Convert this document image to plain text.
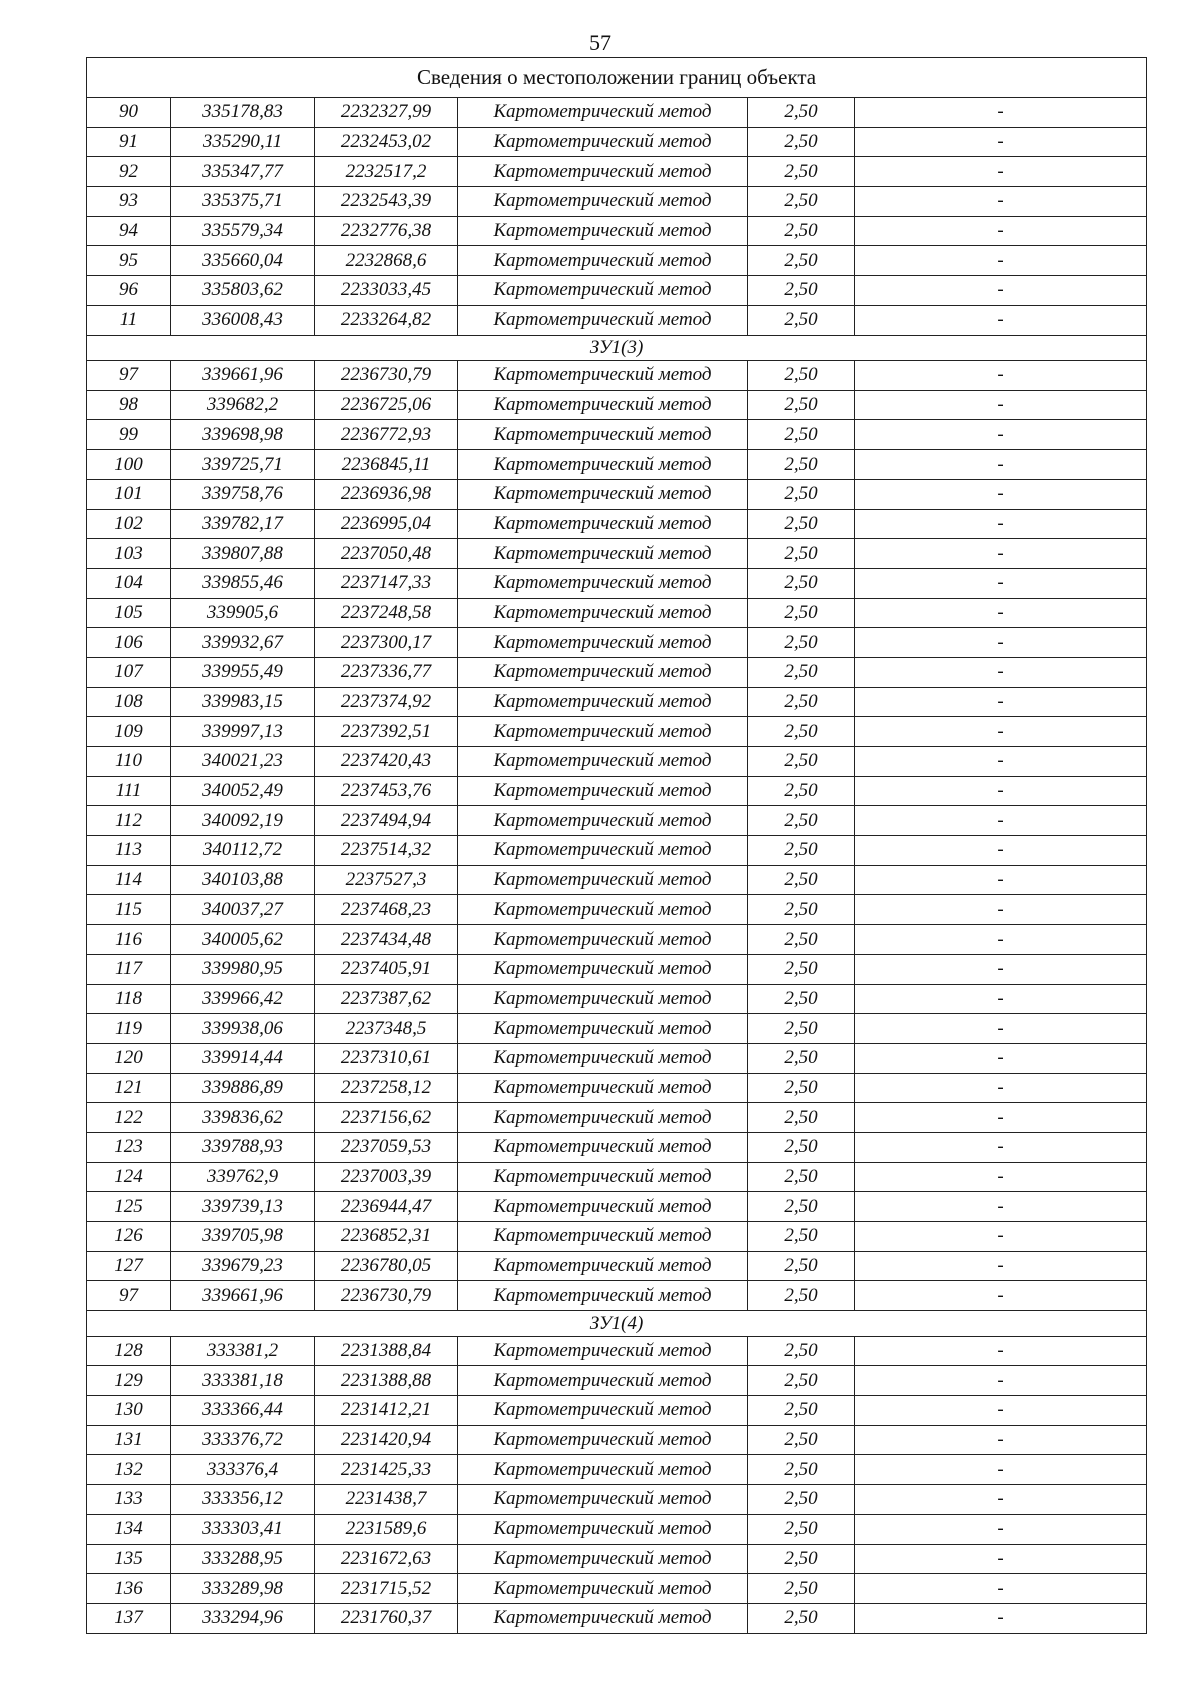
57
Сведения о местоположении границ объекта					
90	335178,83	2232327,99	Картометрический метод	2,50	-
91	335290,11	2232453,02	Картометрический метод	2,50	-
92	335347,77	2232517,2	Картометрический метод	2,50	-
93	335375,71	2232543,39	Картометрический метод	2,50	-
94	335579,34	2232776,38	Картометрический метод	2,50	-
95	335660,04	2232868,6	Картометрический метод	2,50	-
96	335803,62	2233033,45	Картометрический метод	2,50	-
11	336008,43	2233264,82	Картометрический метод	2,50	-
ЗУ1(3)					
97	339661,96	2236730,79	Картометрический метод	2,50	-
98	339682,2	2236725,06	Картометрический метод	2,50	-
99	339698,98	2236772,93	Картометрический метод	2,50	-
100	339725,71	2236845,11	Картометрический метод	2,50	-
101	339758,76	2236936,98	Картометрический метод	2,50	-
102	339782,17	2236995,04	Картометрический метод	2,50	-
103	339807,88	2237050,48	Картометрический метод	2,50	-
104	339855,46	2237147,33	Картометрический метод	2,50	-
105	339905,6	2237248,58	Картометрический метод	2,50	-
106	339932,67	2237300,17	Картометрический метод	2,50	-
107	339955,49	2237336,77	Картометрический метод	2,50	-
108	339983,15	2237374,92	Картометрический метод	2,50	-
109	339997,13	2237392,51	Картометрический метод	2,50	-
110	340021,23	2237420,43	Картометрический метод	2,50	-
111	340052,49	2237453,76	Картометрический метод	2,50	-
112	340092,19	2237494,94	Картометрический метод	2,50	-
113	340112,72	2237514,32	Картометрический метод	2,50	-
114	340103,88	2237527,3	Картометрический метод	2,50	-
115	340037,27	2237468,23	Картометрический метод	2,50	-
116	340005,62	2237434,48	Картометрический метод	2,50	-
117	339980,95	2237405,91	Картометрический метод	2,50	-
118	339966,42	2237387,62	Картометрический метод	2,50	-
119	339938,06	2237348,5	Картометрический метод	2,50	-
120	339914,44	2237310,61	Картометрический метод	2,50	-
121	339886,89	2237258,12	Картометрический метод	2,50	-
122	339836,62	2237156,62	Картометрический метод	2,50	-
123	339788,93	2237059,53	Картометрический метод	2,50	-
124	339762,9	2237003,39	Картометрический метод	2,50	-
125	339739,13	2236944,47	Картометрический метод	2,50	-
126	339705,98	2236852,31	Картометрический метод	2,50	-
127	339679,23	2236780,05	Картометрический метод	2,50	-
97	339661,96	2236730,79	Картометрический метод	2,50	-
ЗУ1(4)					
128	333381,2	2231388,84	Картометрический метод	2,50	-
129	333381,18	2231388,88	Картометрический метод	2,50	-
130	333366,44	2231412,21	Картометрический метод	2,50	-
131	333376,72	2231420,94	Картометрический метод	2,50	-
132	333376,4	2231425,33	Картометрический метод	2,50	-
133	333356,12	2231438,7	Картометрический метод	2,50	-
134	333303,41	2231589,6	Картометрический метод	2,50	-
135	333288,95	2231672,63	Картометрический метод	2,50	-
136	333289,98	2231715,52	Картометрический метод	2,50	-
137	333294,96	2231760,37	Картометрический метод	2,50	-
